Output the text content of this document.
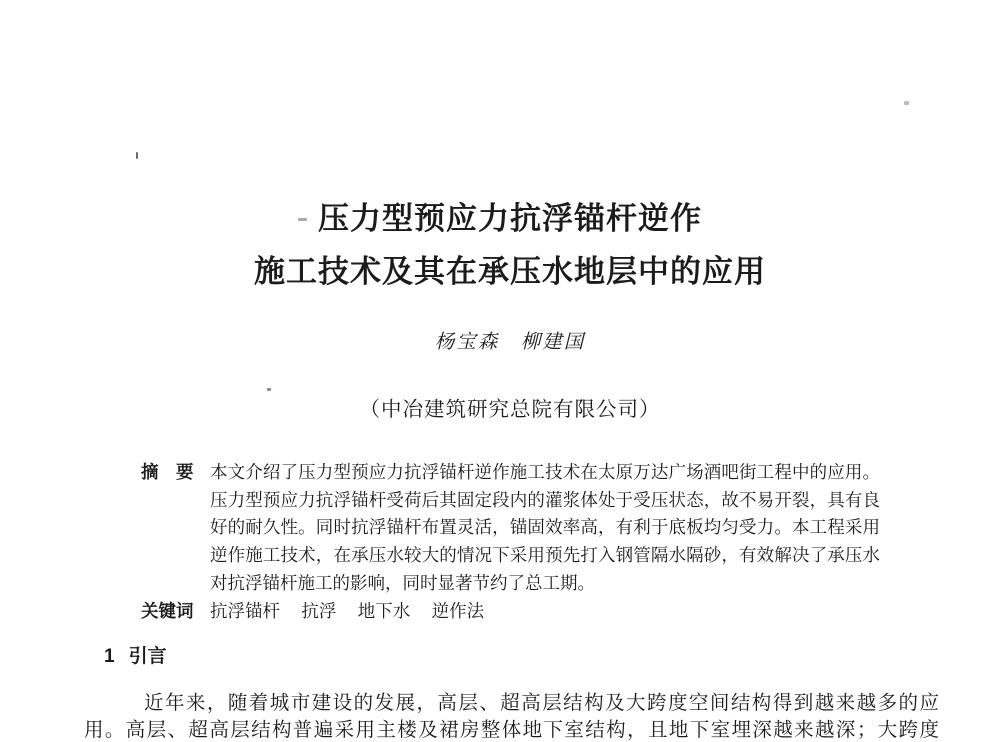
压力型预应力抗浮锚杆逆作
施工技术及其在承压水地层中的应用
杨宝森　柳建国
（中冶建筑研究总院有限公司）
摘　要 本文介绍了压力型预应力抗浮锚杆逆作施工技术在太原万达广场酒吧街工程中的应用。
压力型预应力抗浮锚杆受荷后其固定段内的灌浆体处于受压状态，故不易开裂，具有良
好的耐久性。同时抗浮锚杆布置灵活，锚固效率高，有利于底板均匀受力。本工程采用
逆作施工技术，在承压水较大的情况下采用预先打入钢管隔水隔砂，有效解决了承压水
对抗浮锚杆施工的影响，同时显著节约了总工期。
关键词 抗浮锚杆 抗浮 地下水 逆作法
1 引言
近年来，随着城市建设的发展，高层、超高层结构及大跨度空间结构得到越来越多的应
用。高层、超高层结构普遍采用主楼及裙房整体地下室结构，且地下室埋深越来越深；大跨度
